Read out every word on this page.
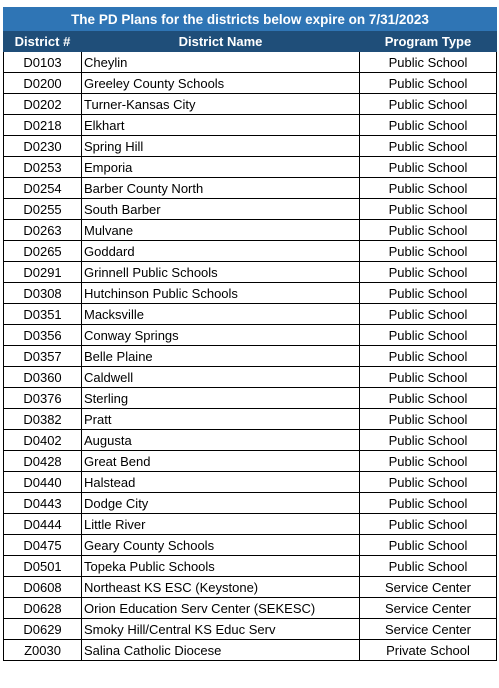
The PD Plans for the districts below expire on 7/31/2023		
District #	District Name	Program Type
D0103	Cheylin	Public School
D0200	Greeley County Schools	Public School
D0202	Turner-Kansas City	Public School
D0218	Elkhart	Public School
D0230	Spring Hill	Public School
D0253	Emporia	Public School
D0254	Barber County North	Public School
D0255	South Barber	Public School
D0263	Mulvane	Public School
D0265	Goddard	Public School
D0291	Grinnell Public Schools	Public School
D0308	Hutchinson Public Schools	Public School
D0351	Macksville	Public School
D0356	Conway Springs	Public School
D0357	Belle Plaine	Public School
D0360	Caldwell	Public School
D0376	Sterling	Public School
D0382	Pratt	Public School
D0402	Augusta	Public School
D0428	Great Bend	Public School
D0440	Halstead	Public School
D0443	Dodge City	Public School
D0444	Little River	Public School
D0475	Geary County Schools	Public School
D0501	Topeka Public Schools	Public School
D0608	Northeast KS ESC (Keystone)	Service Center
D0628	Orion Education Serv Center (SEKESC)	Service Center
D0629	Smoky Hill/Central KS Educ Serv	Service Center
Z0030	Salina Catholic Diocese	Private School
